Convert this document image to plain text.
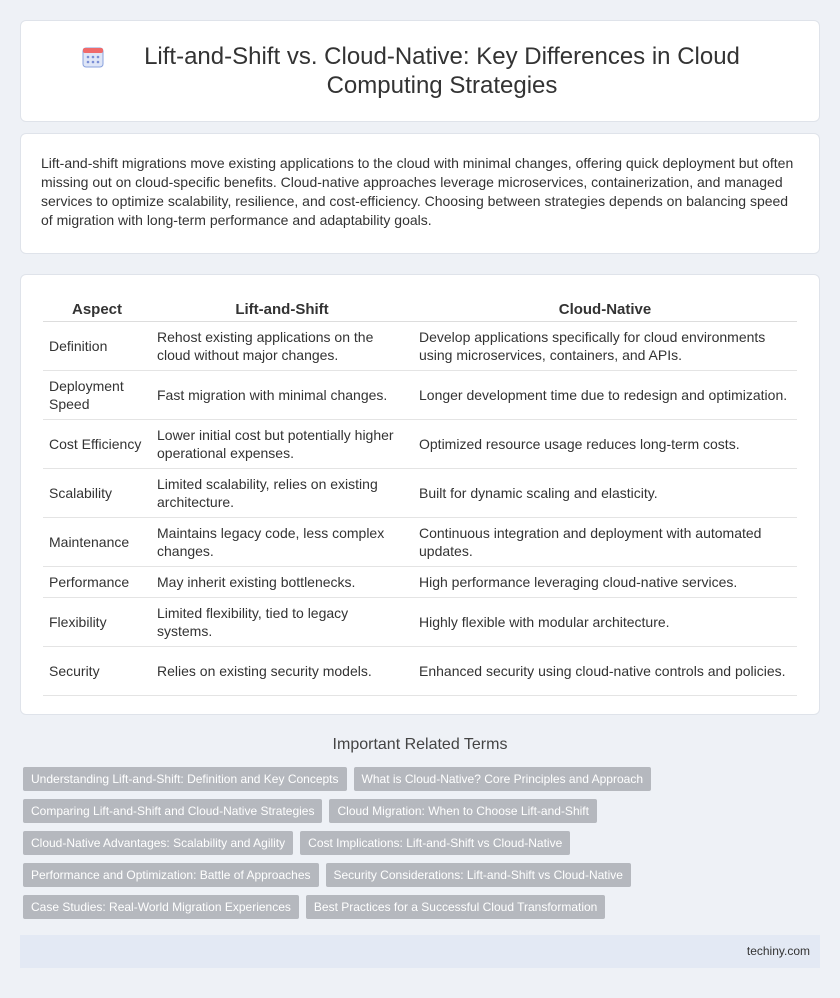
Lift-and-Shift vs. Cloud-Native: Key Differences in Cloud Computing Strategies

Lift-and-shift migrations move existing applications to the cloud with minimal changes, offering quick deployment but often missing out on cloud-specific benefits. Cloud-native approaches leverage microservices, containerization, and managed services to optimize scalability, resilience, and cost-efficiency. Choosing between strategies depends on balancing speed of migration with long-term performance and adaptability goals.

Aspect	Lift-and-Shift	Cloud-Native
Definition	Rehost existing applications on the cloud without major changes.	Develop applications specifically for cloud environments using microservices, containers, and APIs.
Deployment Speed	Fast migration with minimal changes.	Longer development time due to redesign and optimization.
Cost Efficiency	Lower initial cost but potentially higher operational expenses.	Optimized resource usage reduces long-term costs.
Scalability	Limited scalability, relies on existing architecture.	Built for dynamic scaling and elasticity.
Maintenance	Maintains legacy code, less complex changes.	Continuous integration and deployment with automated updates.
Performance	May inherit existing bottlenecks.	High performance leveraging cloud-native services.
Flexibility	Limited flexibility, tied to legacy systems.	Highly flexible with modular architecture.
Security	Relies on existing security models.	Enhanced security using cloud-native controls and policies.
Important Related Terms
Understanding Lift-and-Shift: Definition and Key Concepts	What is Cloud-Native? Core Principles and Approach
Comparing Lift-and-Shift and Cloud-Native Strategies	Cloud Migration: When to Choose Lift-and-Shift
Cloud-Native Advantages: Scalability and Agility	Cost Implications: Lift-and-Shift vs Cloud-Native
Performance and Optimization: Battle of Approaches	Security Considerations: Lift-and-Shift vs Cloud-Native
Case Studies: Real-World Migration Experiences	Best Practices for a Successful Cloud Transformation
techiny.com
